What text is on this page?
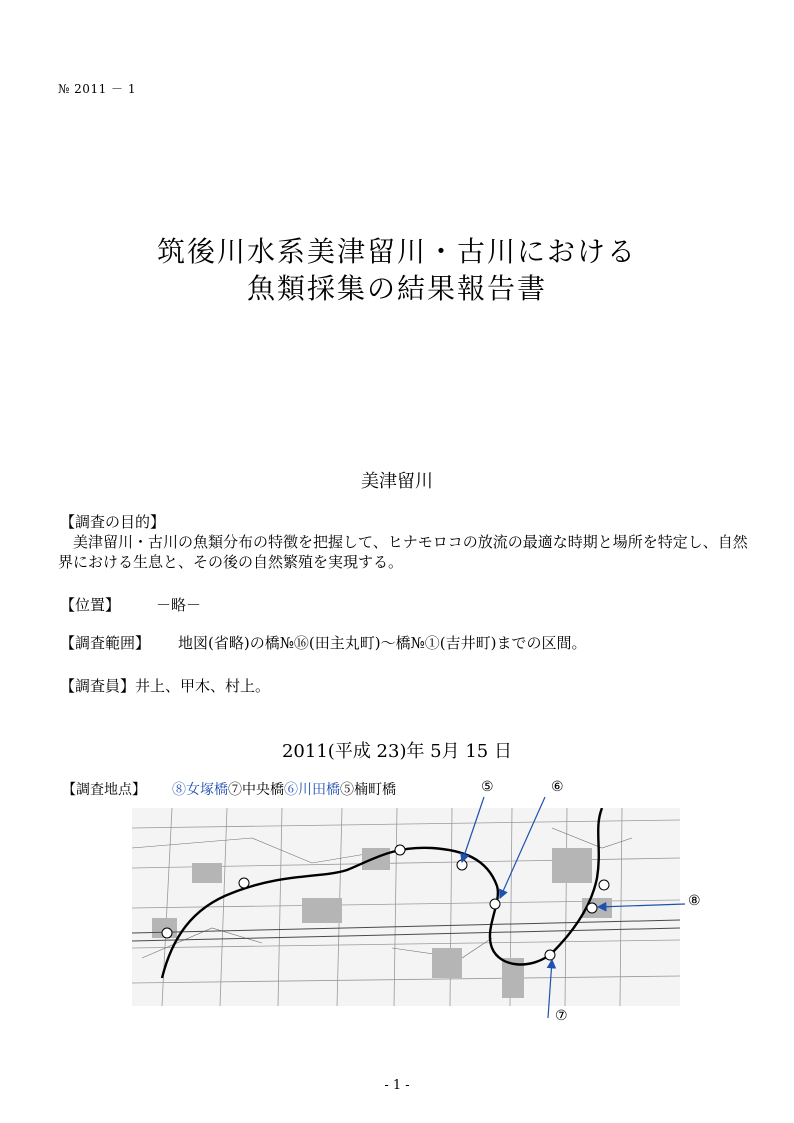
№ 2011 － 1
筑後川水系美津留川・古川における
魚類採集の結果報告書
美津留川
【調査の目的】
　美津留川・古川の魚類分布の特徴を把握して、ヒナモロコの放流の最適な時期と場所を特定し、自然界における生息と、その後の自然繁殖を実現する。
【位置】 －略－
【調査範囲】 地図(省略)の橋№⑯(田主丸町)～橋№①(吉井町)までの区間。
【調査員】井上、甲木、村上。
2011(平成 23)年 5月 15 日
【調査地点】 ⑧女塚橋⑦中央橋⑥川田橋⑤楠町橋	⑤	⑥
⑧
⑦
- 1 -
